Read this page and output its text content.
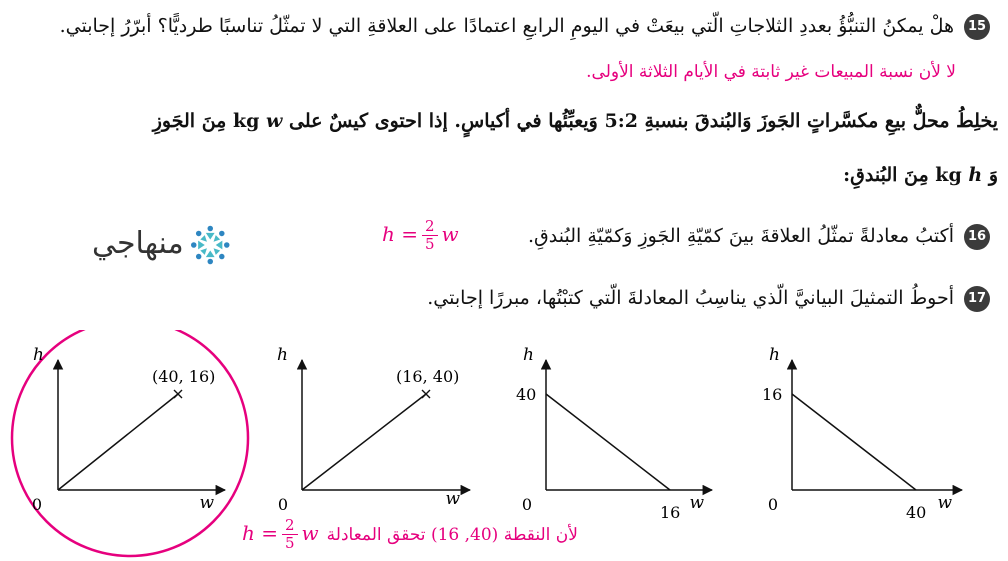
15هلْ يمكنُ التنبُّؤُ بعددِ الثلاجاتِ الّتي بيعَتْ في اليومِ الرابعِ اعتمادًا على العلاقةِ التي لا تمثّلُ تناسبًا طرديًّا؟ أبرّرُ إجابتي.
لا لأن نسبة المبيعات غير ثابتة في الأيام الثلاثة الأولى.
يخلِطُ محلٌّ بيعِ مكسَّراتٍ الجَوزَ وَالبُندقَ بنسبةِ 5:2 وَيعبِّئُها في أكياسٍ. إذا احتوى كيسٌ على w kg مِنَ الجَوزِ
وَ h kg مِنَ البُندقِ:
16أكتبُ معادلةً تمثّلُ العلاقةَ بينَ كمّيّةِ الجَوزِ وَكمّيّةِ البُندقِ.
$h = \frac{2}{5}$ w
منهاجي
17أحوطُ التمثيلَ البيانيَّ الّذي يناسِبُ المعادلةَ الّتي كتبْتُها، مبررًا إجابتي.
h
w
0
(40, 16)
h
w
0
(16, 40)
h
w
0
40
16
h
w
0
16
40
$h = \frac{2}{5}$ w لأن النقطة (40, 16) تحقق المعادلة
